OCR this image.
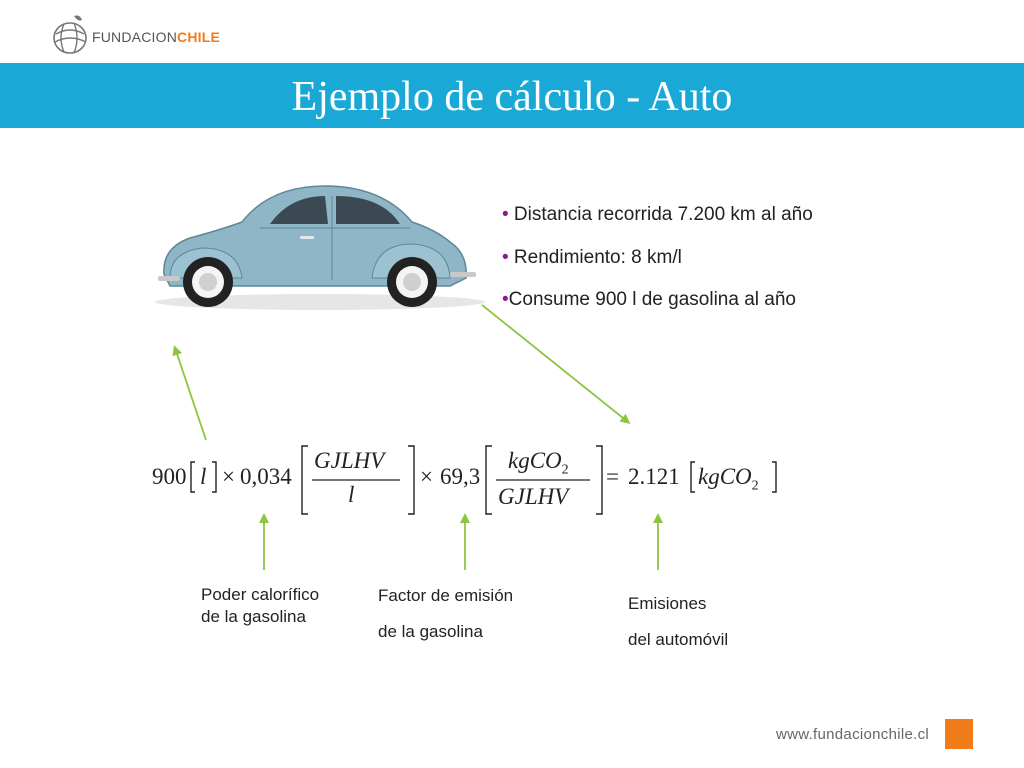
FUNDACIONCHILE
Ejemplo de cálculo - Auto
• Distancia recorrida 7.200 km al año
• Rendimiento: 8 km/l
•Consume 900 l de gasolina al año
900 l × 0,034
GJLHV
l
× 69,3
kgCO$_2$
GJLHV
= 2.121 kgCO$_2$
Poder calorífico
de la gasolina
Factor de emisión
de la gasolina
Emisiones
del automóvil
www.fundacionchile.cl
